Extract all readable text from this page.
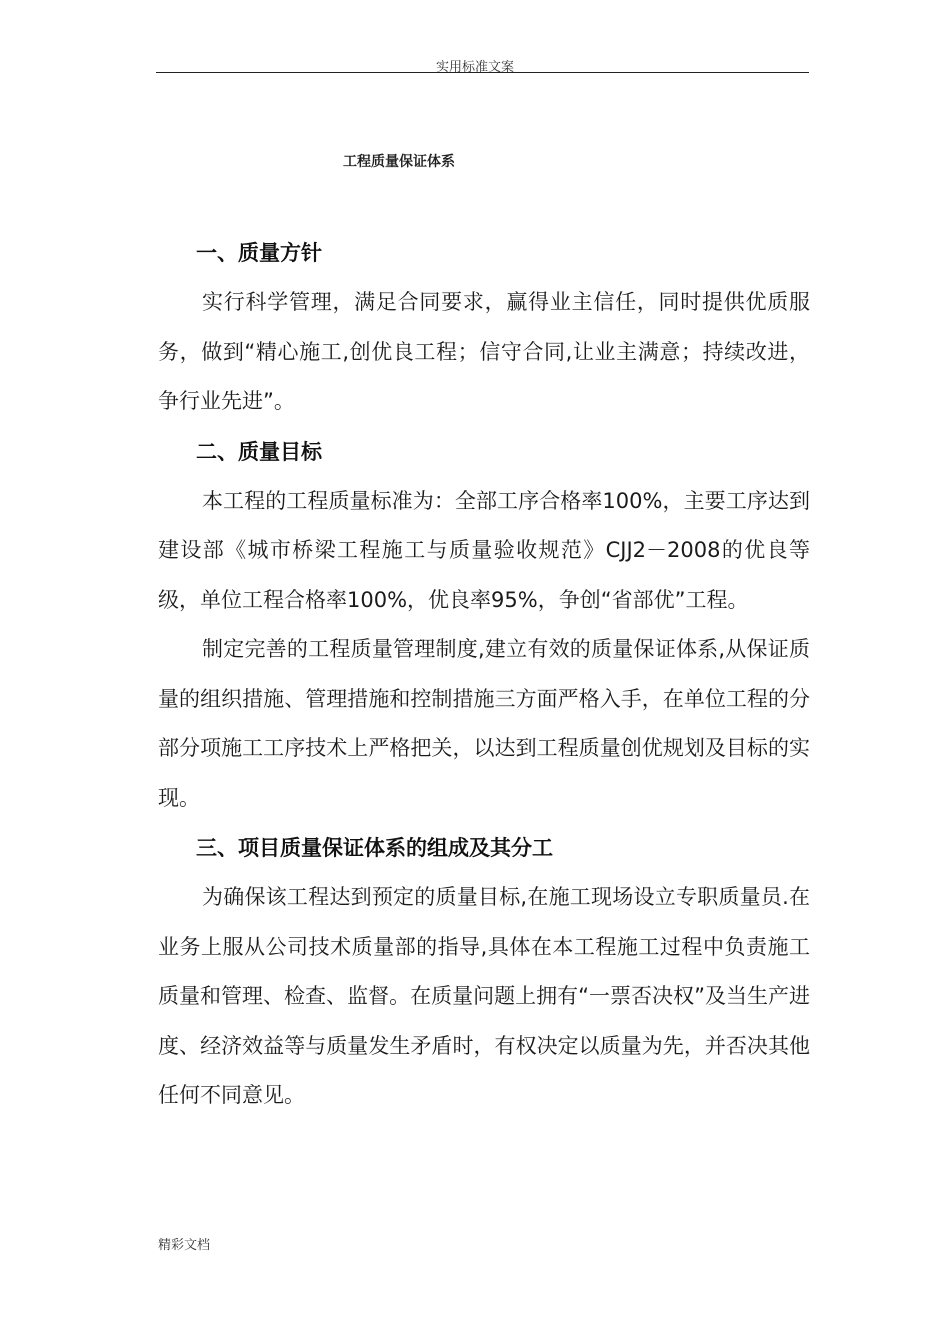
实用标准文案
工程质量保证体系
一、质量方针

实行科学管理，满足合同要求，赢得业主信任，同时提供优质服务，做到“精心施工,创优良工程；信守合同,让业主满意；持续改进，争行业先进”。

二、质量目标

本工程的工程质量标准为：全部工序合格率100%，主要工序达到建设部《城市桥梁工程施工与质量验收规范》CJJ2－2008的优良等级，单位工程合格率100%，优良率95%，争创“省部优”工程。

制定完善的工程质量管理制度,建立有效的质量保证体系,从保证质量的组织措施、管理措施和控制措施三方面严格入手，在单位工程的分部分项施工工序技术上严格把关，以达到工程质量创优规划及目标的实现。

三、项目质量保证体系的组成及其分工

为确保该工程达到预定的质量目标,在施工现场设立专职质量员.在业务上服从公司技术质量部的指导,具体在本工程施工过程中负责施工质量和管理、检查、监督。在质量问题上拥有“一票否决权”及当生产进度、经济效益等与质量发生矛盾时，有权决定以质量为先，并否决其他任何不同意见。

精彩文档
